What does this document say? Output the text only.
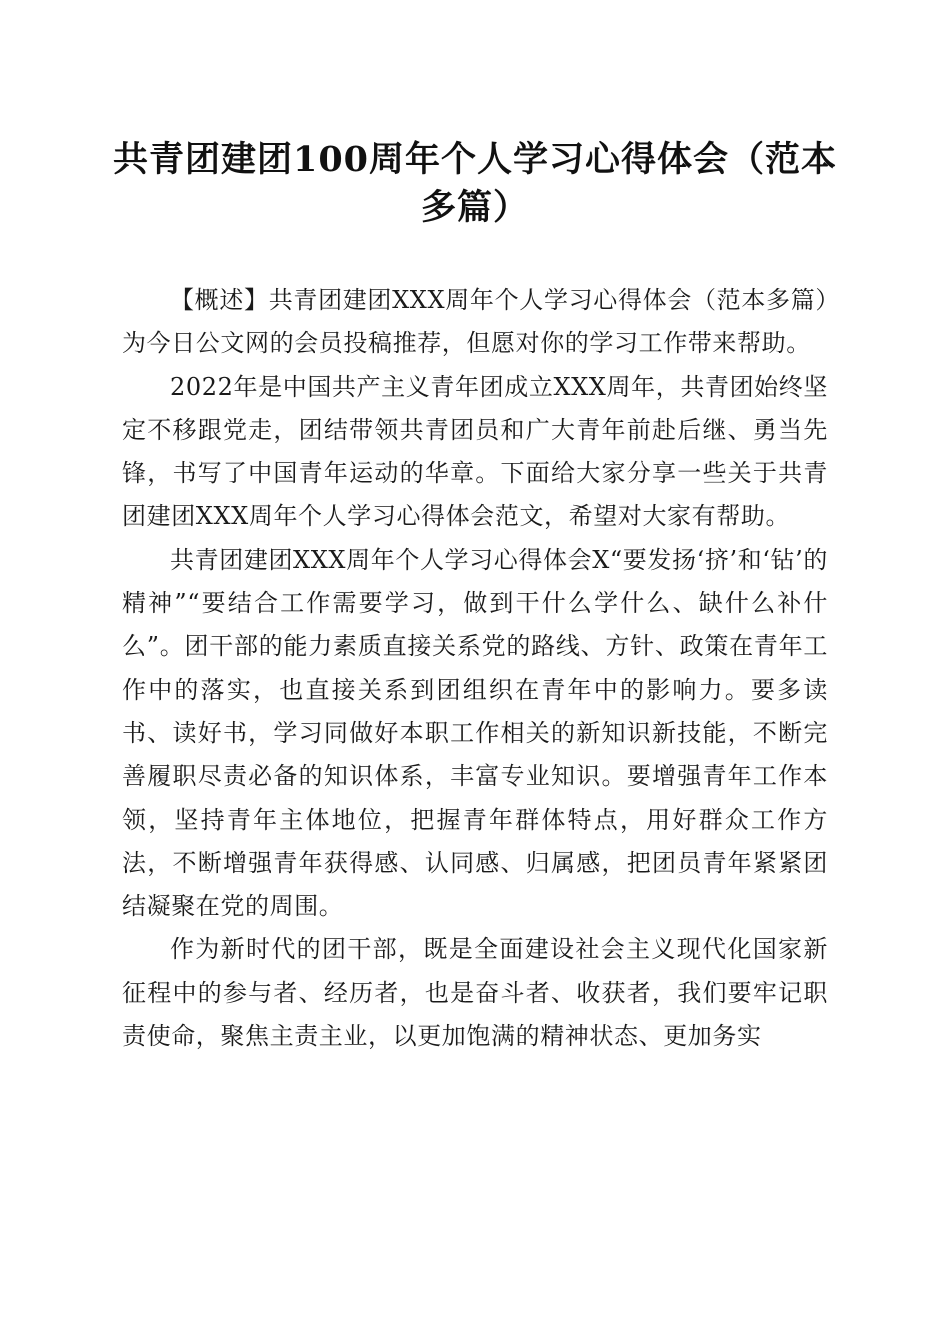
共青团建团100周年个人学习心得体会（范本多篇）

【概述】共青团建团XXX周年个人学习心得体会（范本多篇）为今日公文网的会员投稿推荐，但愿对你的学习工作带来帮助。

2022年是中国共产主义青年团成立XXX周年，共青团始终坚定不移跟党走，团结带领共青团员和广大青年前赴后继、勇当先锋，书写了中国青年运动的华章。下面给大家分享一些关于共青团建团XXX周年个人学习心得体会范文，希望对大家有帮助。

共青团建团XXX周年个人学习心得体会X“要发扬‘挤’和‘钻’的精神”“要结合工作需要学习，做到干什么学什么、缺什么补什么”。团干部的能力素质直接关系党的路线、方针、政策在青年工作中的落实，也直接关系到团组织在青年中的影响力。要多读书、读好书，学习同做好本职工作相关的新知识新技能，不断完善履职尽责必备的知识体系，丰富专业知识。要增强青年工作本领，坚持青年主体地位，把握青年群体特点，用好群众工作方法，不断增强青年获得感、认同感、归属感，把团员青年紧紧团结凝聚在党的周围。

作为新时代的团干部，既是全面建设社会主义现代化国家新征程中的参与者、经历者，也是奋斗者、收获者，我们要牢记职责使命，聚焦主责主业，以更加饱满的精神状态、更加务实
